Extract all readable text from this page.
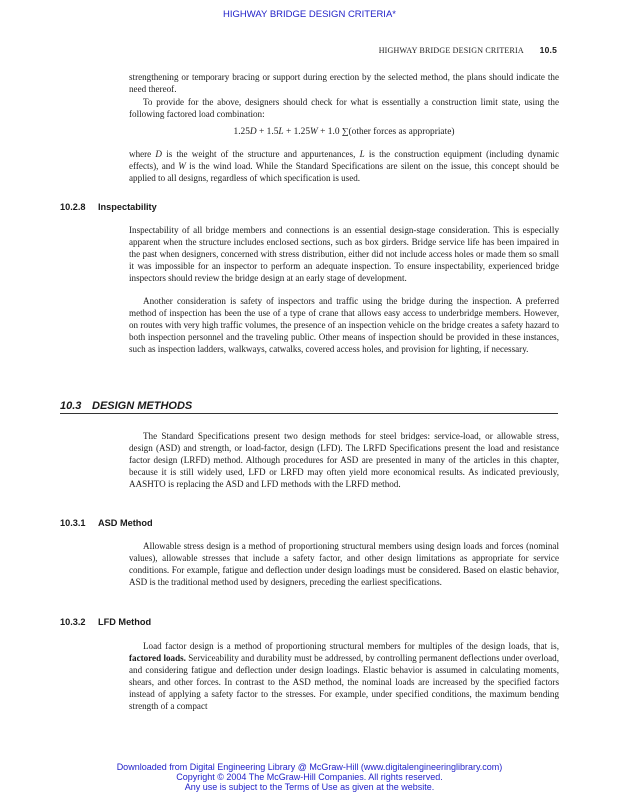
HIGHWAY BRIDGE DESIGN CRITERIA*
HIGHWAY BRIDGE DESIGN CRITERIA 10.5

strengthening or temporary bracing or support during erection by the selected method, the plans should indicate the need thereof.

To provide for the above, designers should check for what is essentially a construction limit state, using the following factored load combination:

1.25D + 1.5L + 1.25W + 1.0 ∑(other forces as appropriate)

where D is the weight of the structure and appurtenances, L is the construction equipment (including dynamic effects), and W is the wind load. While the Standard Specifications are silent on the issue, this concept should be applied to all designs, regardless of which specification is used.

10.2.8 Inspectability

Inspectability of all bridge members and connections is an essential design-stage consideration. This is especially apparent when the structure includes enclosed sections, such as box girders. Bridge service life has been impaired in the past when designers, concerned with stress distribution, either did not include access holes or made them so small it was impossible for an inspector to perform an adequate inspection. To ensure inspectability, experienced bridge inspectors should review the bridge design at an early stage of development.

Another consideration is safety of inspectors and traffic using the bridge during the inspection. A preferred method of inspection has been the use of a type of crane that allows easy access to underbridge members. However, on routes with very high traffic volumes, the presence of an inspection vehicle on the bridge creates a safety hazard to both inspection personnel and the traveling public. Other means of inspection should be provided in these instances, such as inspection ladders, walkways, catwalks, covered access holes, and provision for lighting, if necessary.

10.3 DESIGN METHODS

The Standard Specifications present two design methods for steel bridges: service-load, or allowable stress, design (ASD) and strength, or load-factor, design (LFD). The LRFD Specifications present the load and resistance factor design (LRFD) method. Although procedures for ASD are presented in many of the articles in this chapter, because it is still widely used, LFD or LRFD may often yield more economical results. As indicated previously, AASHTO is replacing the ASD and LFD methods with the LRFD method.

10.3.1 ASD Method

Allowable stress design is a method of proportioning structural members using design loads and forces (nominal values), allowable stresses that include a safety factor, and other design limitations as appropriate for service conditions. For example, fatigue and deflection under design loadings must be considered. Based on elastic behavior, ASD is the traditional method used by designers, preceding the earliest specifications.

10.3.2 LFD Method

Load factor design is a method of proportioning structural members for multiples of the design loads, that is, factored loads. Serviceability and durability must be addressed, by controlling permanent deflections under overload, and considering fatigue and deflection under design loadings. Elastic behavior is assumed in calculating moments, shears, and other forces. In contrast to the ASD method, the nominal loads are increased by the specified factors instead of applying a safety factor to the stresses. For example, under specified conditions, the maximum bending strength of a compact

Downloaded from Digital Engineering Library @ McGraw-Hill (www.digitalengineeringlibrary.com)
Copyright © 2004 The McGraw-Hill Companies. All rights reserved.
Any use is subject to the Terms of Use as given at the website.
